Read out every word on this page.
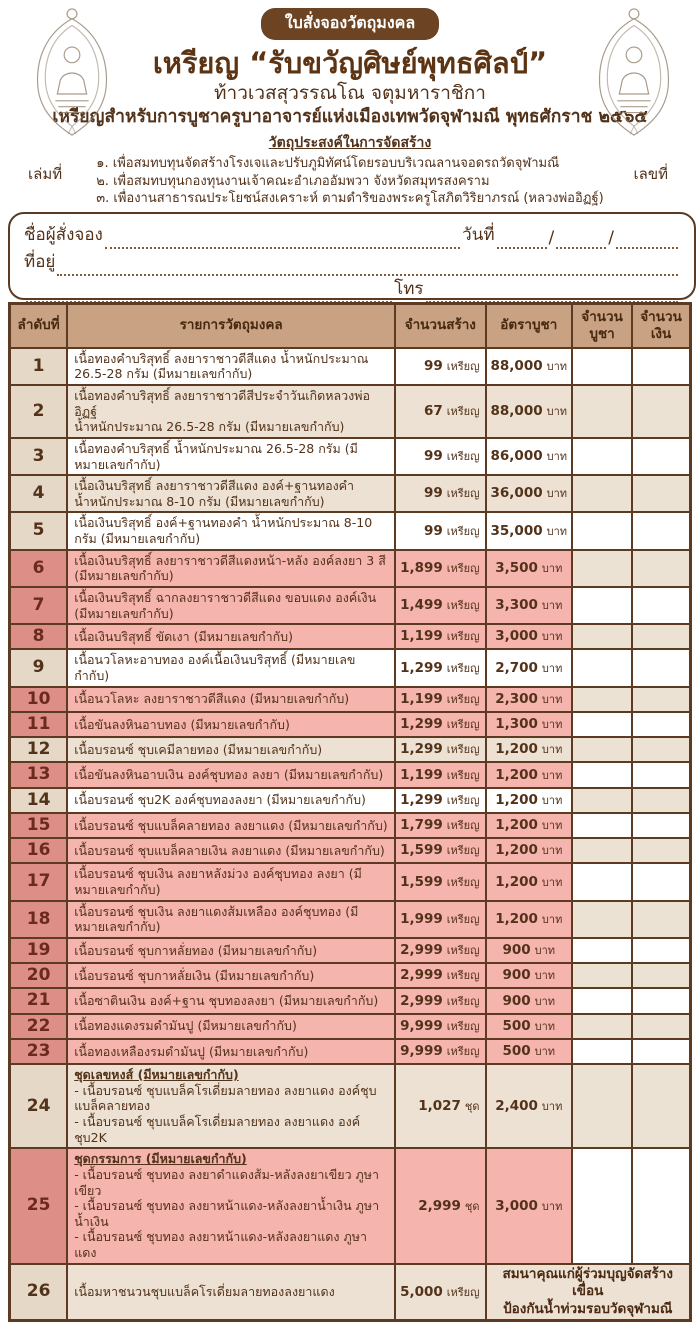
เล่มที่	เลขที่
ใบสั่งจองวัตถุมงคล
เหรียญ “รับขวัญศิษย์พุทธศิลป์”
ท้าวเวสสุวรรณโณ จตุมหาราชิกา
เหรียญสำหรับการบูชาครูบาอาจารย์แห่งเมืองเทพวัดจุฬามณี พุทธศักราช ๒๕๖๕
วัตถุประสงค์ในการจัดสร้าง
๑. เพื่อสมทบทุนจัดสร้างโรงเจและปรับภูมิทัศน์โดยรอบบริเวณลานจอดรถวัดจุฬามณี
๒. เพื่อสมทบทุนกองทุนงานเจ้าคณะอำเภออัมพวา จังหวัดสมุทรสงคราม
๓. เพื่องานสาธารณประโยชน์สงเคราะห์ ตามดำริของพระครูโสภิตวิริยาภรณ์ (หลวงพ่ออิฏฐ์)
ชื่อผู้สั่งจอง	วันที่	/	/
ที่อยู่
โทร
ลำดับที่	รายการวัตถุมงคล	จำนวนสร้าง	อัตราบูชา	จำนวนบูชา	จำนวนเงิน
1	เนื้อทองคำบริสุทธิ์ ลงยาราชาวดีสีแดง น้ำหนักประมาณ 26.5-28 กรัม (มีหมายเลขกำกับ)	99 เหรียญ	88,000 บาท		
2	เนื้อทองคำบริสุทธิ์ ลงยาราชาวดีสีประจำวันเกิดหลวงพ่ออิฏฐ์
น้ำหนักประมาณ 26.5-28 กรัม (มีหมายเลขกำกับ)	67 เหรียญ	88,000 บาท		
3	เนื้อทองคำบริสุทธิ์ น้ำหนักประมาณ 26.5-28 กรัม (มีหมายเลขกำกับ)	99 เหรียญ	86,000 บาท		
4	เนื้อเงินบริสุทธิ์ ลงยาราชาวดีสีแดง องค์+ฐานทองคำ
น้ำหนักประมาณ 8-10 กรัม (มีหมายเลขกำกับ)	99 เหรียญ	36,000 บาท		
5	เนื้อเงินบริสุทธิ์ องค์+ฐานทองคำ น้ำหนักประมาณ 8-10 กรัม (มีหมายเลขกำกับ)	99 เหรียญ	35,000 บาท		
6	เนื้อเงินบริสุทธิ์ ลงยาราชาวดีสีแดงหน้า-หลัง องค์ลงยา 3 สี (มีหมายเลขกำกับ)	1,899 เหรียญ	3,500 บาท		
7	เนื้อเงินบริสุทธิ์ ฉากลงยาราชาวดีสีแดง ขอบแดง องค์เงิน (มีหมายเลขกำกับ)	1,499 เหรียญ	3,300 บาท		
8	เนื้อเงินบริสุทธิ์ ขัดเงา (มีหมายเลขกำกับ)	1,199 เหรียญ	3,000 บาท		
9	เนื้อนวโลหะอาบทอง องค์เนื้อเงินบริสุทธิ์ (มีหมายเลขกำกับ)	1,299 เหรียญ	2,700 บาท		
10	เนื้อนวโลหะ ลงยาราชาวดีสีแดง (มีหมายเลขกำกับ)	1,199 เหรียญ	2,300 บาท		
11	เนื้อขันลงหินอาบทอง (มีหมายเลขกำกับ)	1,299 เหรียญ	1,300 บาท		
12	เนื้อบรอนซ์ ชุบเคมีลายทอง (มีหมายเลขกำกับ)	1,299 เหรียญ	1,200 บาท		
13	เนื้อขันลงหินอาบเงิน องค์ชุบทอง ลงยา (มีหมายเลขกำกับ)	1,199 เหรียญ	1,200 บาท		
14	เนื้อบรอนซ์ ชุบ2K องค์ชุบทองลงยา (มีหมายเลขกำกับ)	1,299 เหรียญ	1,200 บาท		
15	เนื้อบรอนซ์ ชุบแบล็คลายทอง ลงยาแดง (มีหมายเลขกำกับ)	1,799 เหรียญ	1,200 บาท		
16	เนื้อบรอนซ์ ชุบแบล็คลายเงิน ลงยาแดง (มีหมายเลขกำกับ)	1,599 เหรียญ	1,200 บาท		
17	เนื้อบรอนซ์ ชุบเงิน ลงยาหลังม่วง องค์ชุบทอง ลงยา (มีหมายเลขกำกับ)	1,599 เหรียญ	1,200 บาท		
18	เนื้อบรอนซ์ ชุบเงิน ลงยาแดงส้มเหลือง องค์ชุบทอง (มีหมายเลขกำกับ)	1,999 เหรียญ	1,200 บาท		
19	เนื้อบรอนซ์ ชุบกาหลั่ยทอง (มีหมายเลขกำกับ)	2,999 เหรียญ	900 บาท		
20	เนื้อบรอนซ์ ชุบกาหลั่ยเงิน (มีหมายเลขกำกับ)	2,999 เหรียญ	900 บาท		
21	เนื้อซาตินเงิน องค์+ฐาน ชุบทองลงยา (มีหมายเลขกำกับ)	2,999 เหรียญ	900 บาท		
22	เนื้อทองแดงรมดำมันปู (มีหมายเลขกำกับ)	9,999 เหรียญ	500 บาท		
23	เนื้อทองเหลืองรมดำมันปู (มีหมายเลขกำกับ)	9,999 เหรียญ	500 บาท		
24	ชุดเลขหงส์ (มีหมายเลขกำกับ)
- เนื้อบรอนซ์ ชุบแบล็คโรเดี่ยมลายทอง ลงยาแดง องค์ชุบแบล็คลายทอง
- เนื้อบรอนซ์ ชุบแบล็คโรเดี่ยมลายทอง ลงยาแดง องค์ชุบ2K	1,027 ชุด	2,400 บาท		
25	ชุดกรรมการ (มีหมายเลขกำกับ)
- เนื้อบรอนซ์ ชุบทอง ลงยาดำแดงส้ม-หลังลงยาเขียว ภูษาเขียว
- เนื้อบรอนซ์ ชุบทอง ลงยาหน้าแดง-หลังลงยาน้ำเงิน ภูษาน้ำเงิน
- เนื้อบรอนซ์ ชุบทอง ลงยาหน้าแดง-หลังลงยาแดง ภูษาแดง	2,999 ชุด	3,000 บาท		
26	เนื้อมหาชนวนชุบแบล็คโรเดี่ยมลายทองลงยาแดง	5,000 เหรียญ	สมนาคุณแก่ผู้ร่วมบุญจัดสร้างเขื่อน
ป้องกันน้ำท่วมรอบวัดจุฬามณี		
